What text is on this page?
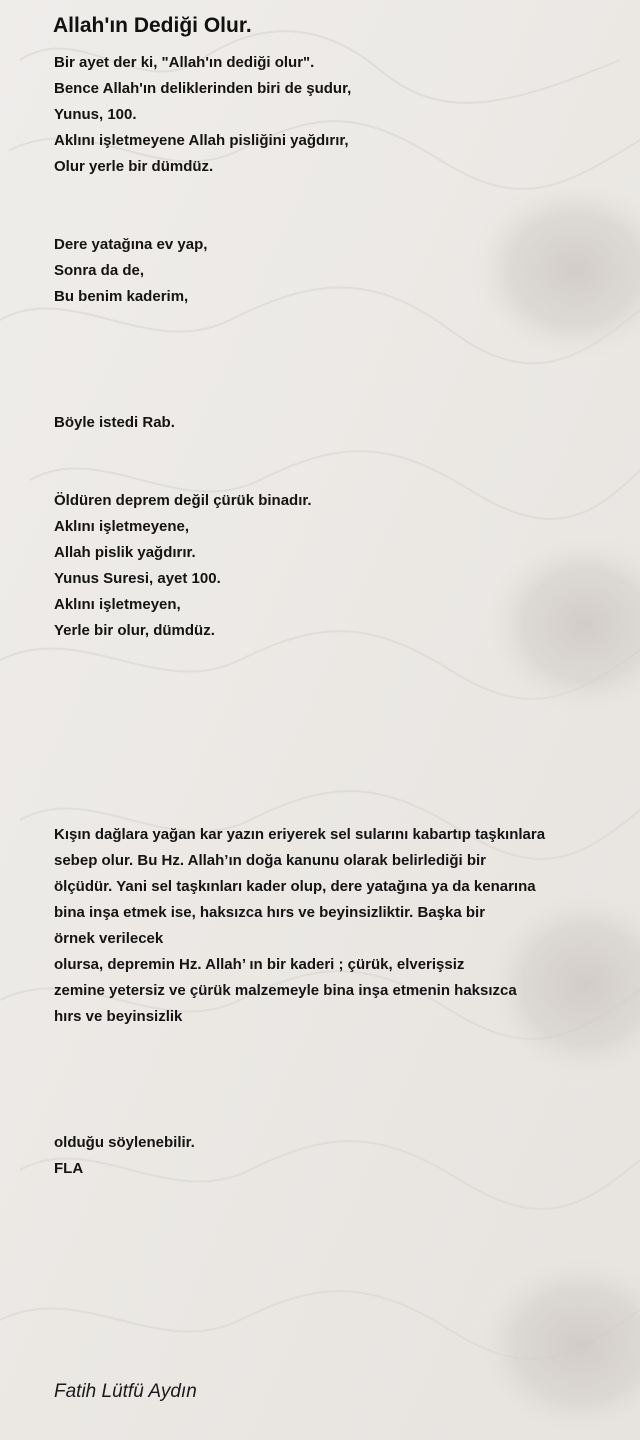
Allah'ın Dediği Olur.
Bir ayet der ki, "Allah'ın dediği olur".
Bence Allah'ın deliklerinden biri de şudur,
Yunus, 100.
Aklını işletmeyene Allah pisliğini yağdırır,
Olur yerle bir dümdüz.
Dere yatağına ev yap,
Sonra da de,
Bu benim kaderim,
Böyle istedi Rab.
Öldüren deprem değil çürük binadır.
Aklını işletmeyene,
Allah pislik yağdırır.
Yunus Suresi, ayet 100.
Aklını işletmeyen,
Yerle bir olur, dümdüz.
Kışın dağlara yağan kar yazın eriyerek sel sularını kabartıp taşkınlara
sebep olur. Bu Hz. Allah’ın doğa kanunu olarak belirlediği bir
ölçüdür. Yani sel taşkınları kader olup, dere yatağına ya da kenarına
bina inşa etmek ise, haksızca hırs ve beyinsizliktir. Başka bir
örnek verilecek
olursa, depremin Hz. Allah’ ın bir kaderi ; çürük, elverişsiz
zemine yetersiz ve çürük malzemeyle bina inşa etmenin haksızca
hırs ve beyinsizlik
olduğu söylenebilir.
FLA
Fatih Lütfü Aydın
